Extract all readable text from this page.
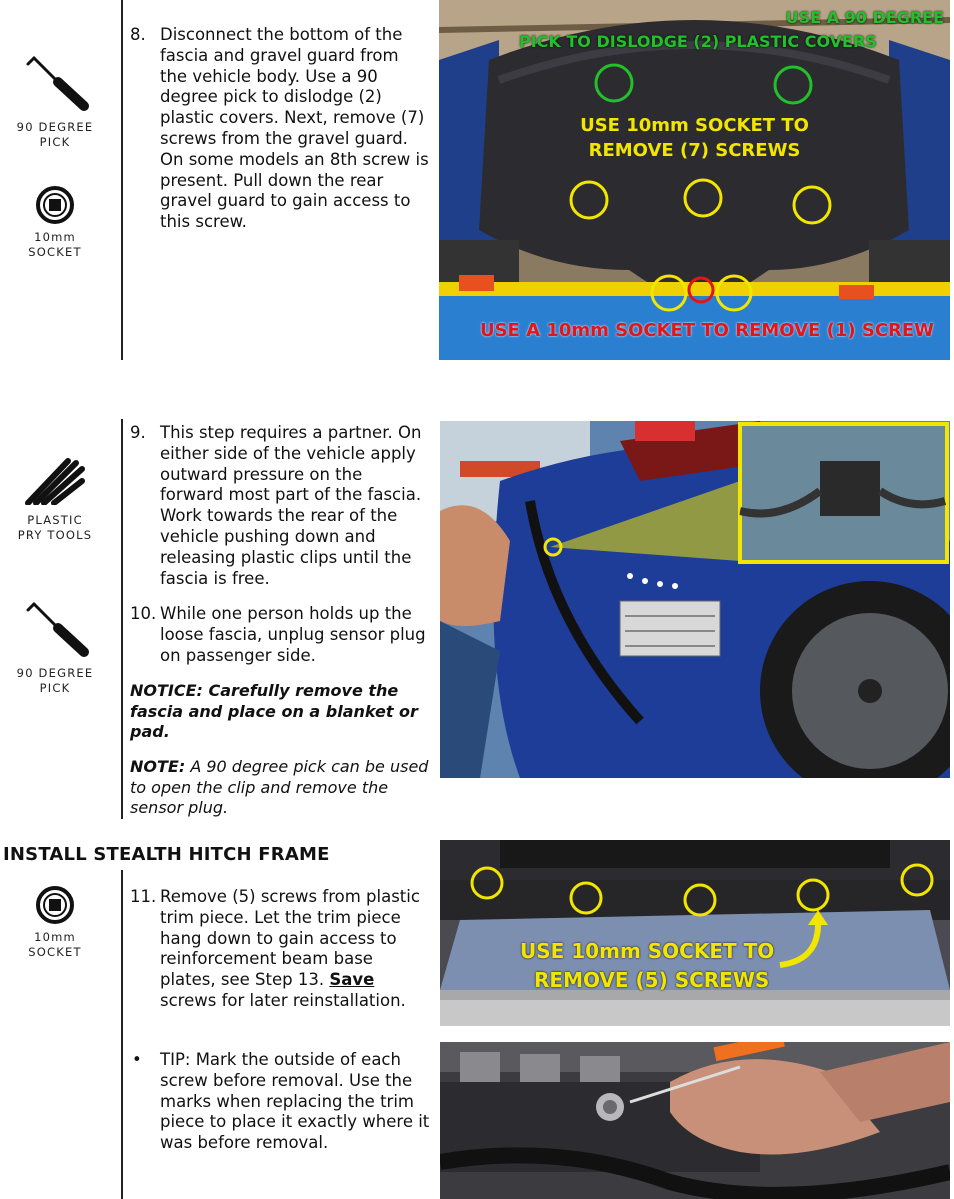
90 DEGREE PICK
10mm
SOCKET
8. Disconnect the bottom of the fascia and gravel guard from the vehicle body. Use a 90 degree pick to dislodge (2) plastic covers. Next, remove (7) screws from the gravel guard. On some models an 8th screw is present. Pull down the rear gravel guard to gain access to this screw.
USE A 90 DEGREE
PICK TO DISLODGE (2) PLASTIC COVERS
USE 10mm SOCKET TO
REMOVE (7) SCREWS
USE A 10mm SOCKET TO REMOVE (1) SCREW
PLASTIC
PRY TOOLS
90 DEGREE
PICK
9. This step requires a partner. On either side of the vehicle apply outward pressure on the forward most part of the fascia. Work towards the rear of the vehicle pushing down and releasing plastic clips until the fascia is free.
10. While one person holds up the loose fascia, unplug sensor plug on passenger side.
NOTICE: Carefully remove the fascia and place on a blanket or pad.
NOTE: A 90 degree pick can be used to open the clip and remove the sensor plug.
INSTALL STEALTH HITCH FRAME
10mm
SOCKET
11. Remove (5) screws from plastic trim piece. Let the trim piece hang down to gain access to reinforcement beam base plates, see Step 13. Save screws for later reinstallation.
•	TIP: Mark the outside of each screw before removal. Use the marks when replacing the trim piece to place it exactly where it was before removal.
USE 10mm SOCKET TO
REMOVE (5) SCREWS
